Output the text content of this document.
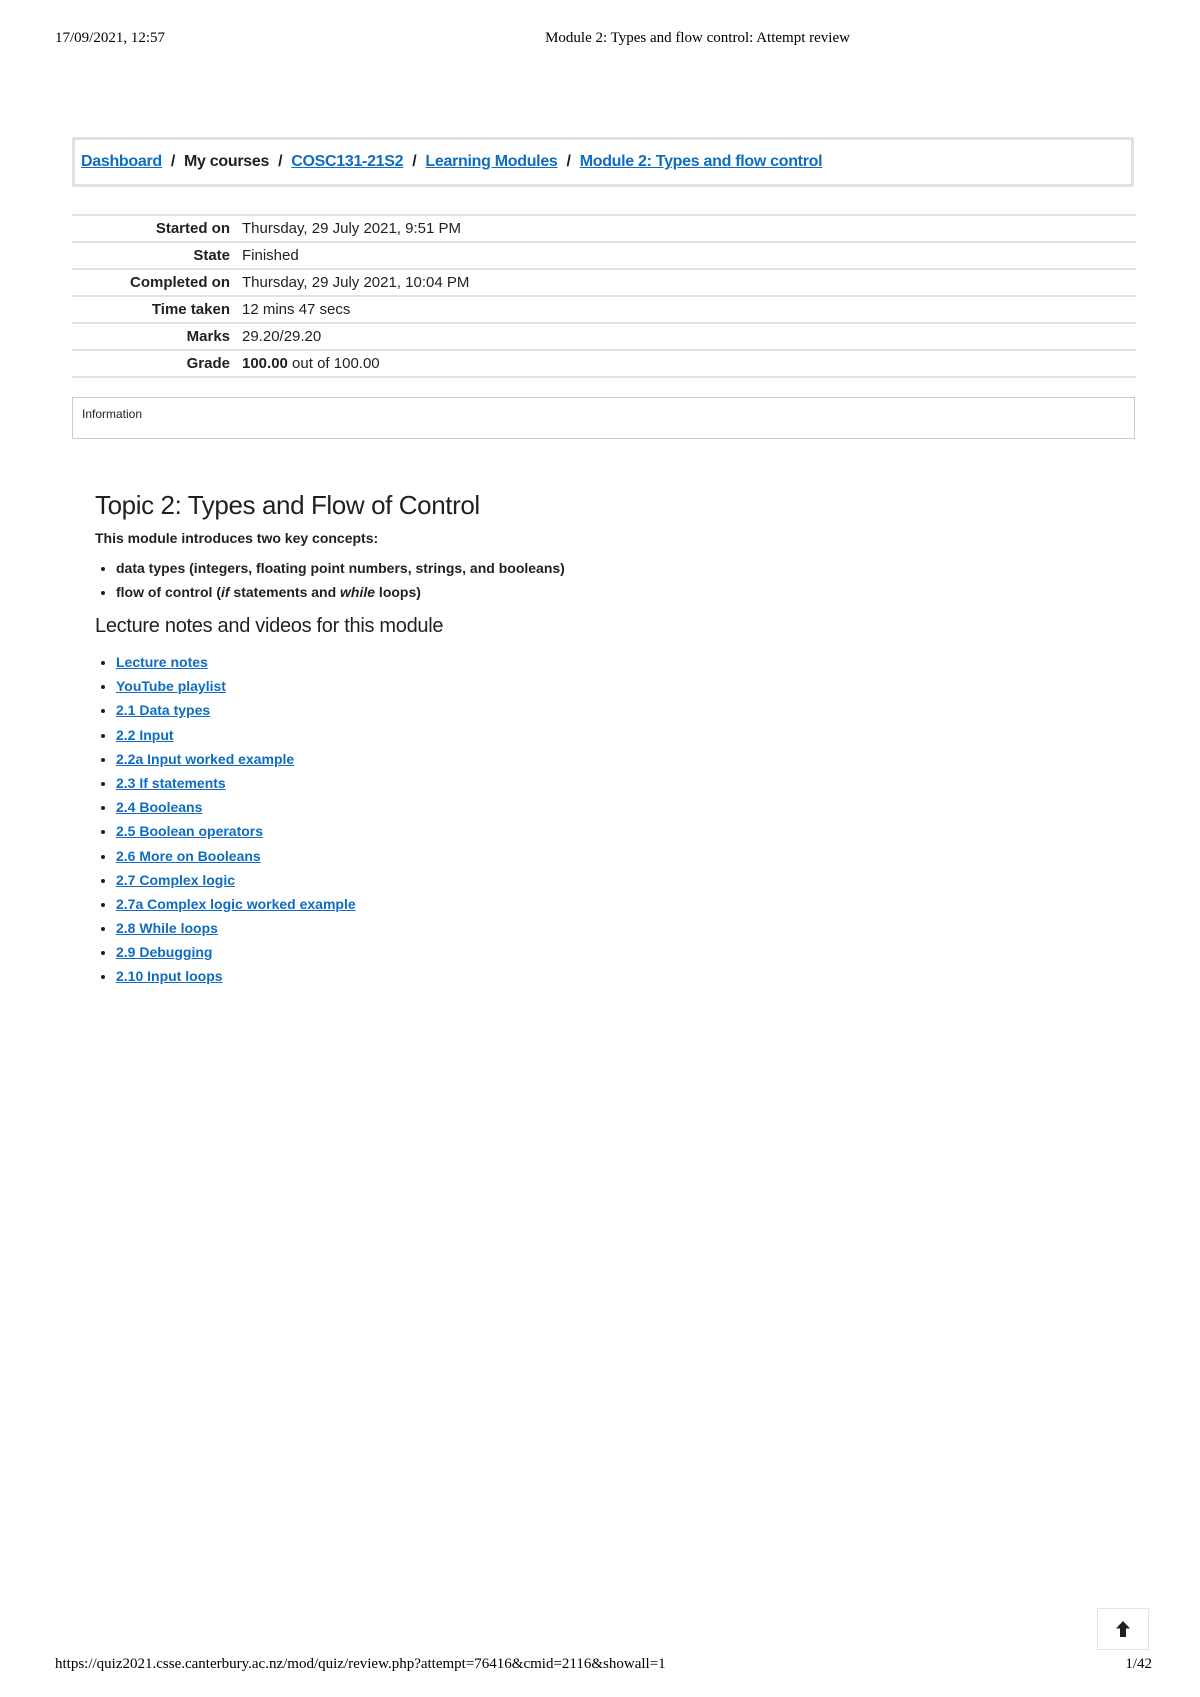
17/09/2021, 12:57	Module 2: Types and flow control: Attempt review
Dashboard / My courses / COSC131-21S2 / Learning Modules / Module 2: Types and flow control
Started on	Thursday, 29 July 2021, 9:51 PM
State	Finished
Completed on	Thursday, 29 July 2021, 10:04 PM
Time taken	12 mins 47 secs
Marks	29.20/29.20
Grade	100.00 out of 100.00
Information
Topic 2: Types and Flow of Control

This module introduces two key concepts:

• data types (integers, floating point numbers, strings, and booleans)
• flow of control (if statements and while loops)
Lecture notes and videos for this module
• Lecture notes
• YouTube playlist
• 2.1 Data types
• 2.2 Input
• 2.2a Input worked example
• 2.3 If statements
• 2.4 Booleans
• 2.5 Boolean operators
• 2.6 More on Booleans
• 2.7 Complex logic
• 2.7a Complex logic worked example
• 2.8 While loops
• 2.9 Debugging
• 2.10 Input loops
https://quiz2021.csse.canterbury.ac.nz/mod/quiz/review.php?attempt=76416&cmid=2116&showall=1	1/42
